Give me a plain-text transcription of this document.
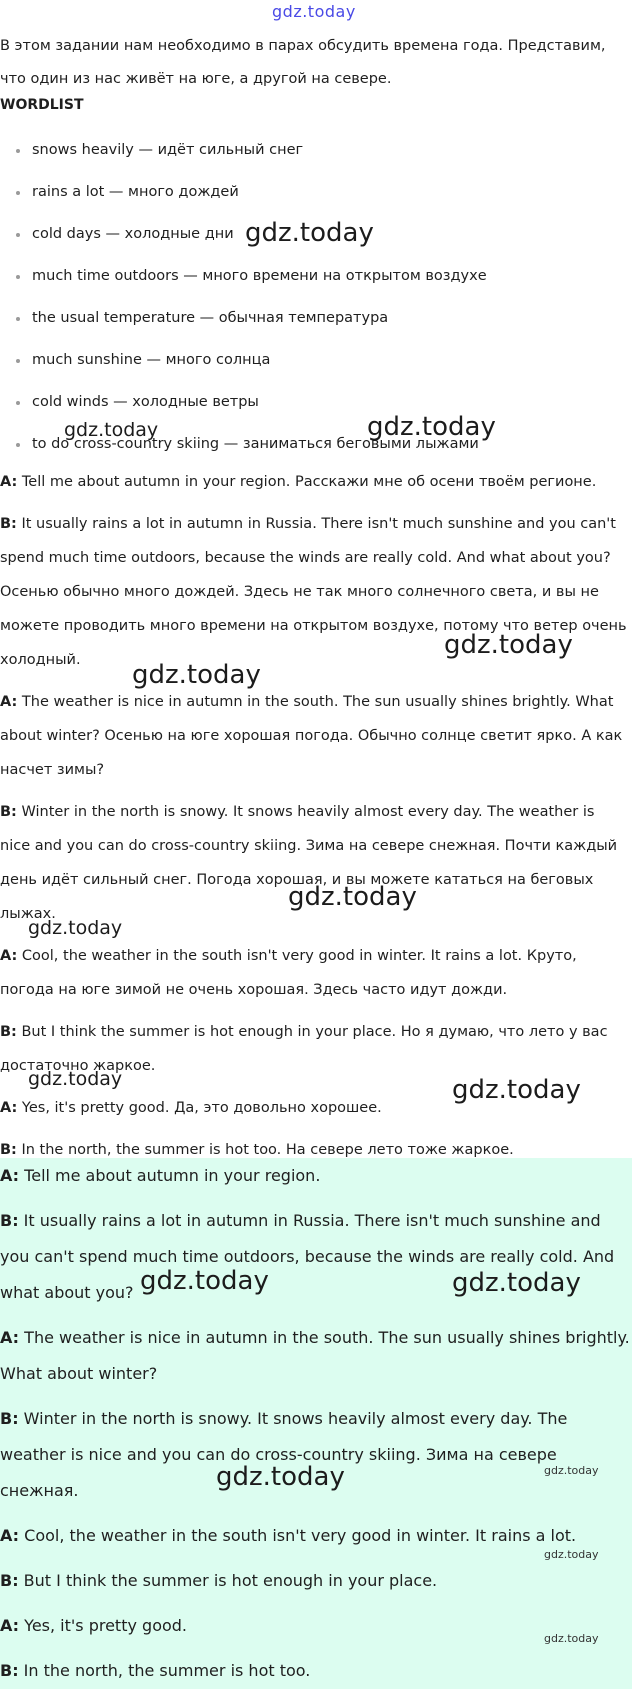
gdz.today
В этом задании нам необходимо в парах обсудить времена года. Представим, что один из нас живёт на юге, а другой на севере.
WORDLIST
snows heavily — идёт сильный снег
rains a lot — много дождей
cold days — холодные дни
much time outdoors — много времени на открытом воздухе
the usual temperature — обычная температура
much sunshine — много солнца
cold winds — холодные ветры
to do cross-country skiing — заниматься беговыми лыжами

A: Tell me about autumn in your region. Расскажи мне об осени твоём регионе.

B: It usually rains a lot in autumn in Russia. There isn't much sunshine and you can't spend much time outdoors, because the winds are really cold. And what about you? Осенью обычно много дождей. Здесь не так много солнечного света, и вы не можете проводить много времени на открытом воздухе, потому что ветер очень холодный.

A: The weather is nice in autumn in the south. The sun usually shines brightly. What about winter? Осенью на юге хорошая погода. Обычно солнце светит ярко. А как насчет зимы?

B: Winter in the north is snowy. It snows heavily almost every day. The weather is nice and you can do cross-country skiing. Зима на севере снежная. Почти каждый день идёт сильный снег. Погода хорошая, и вы можете кататься на беговых лыжах.

A: Cool, the weather in the south isn't very good in winter. It rains a lot. Круто, погода на юге зимой не очень хорошая. Здесь часто идут дожди.

B: But I think the summer is hot enough in your place. Но я думаю, что лето у вас достаточно жаркое.

A: Yes, it's pretty good. Да, это довольно хорошее.

B: In the north, the summer is hot too. На севере лето тоже жаркое.

A: Tell me about autumn in your region.

B: It usually rains a lot in autumn in Russia. There isn't much sunshine and you can't spend much time outdoors, because the winds are really cold. And what about you?

A: The weather is nice in autumn in the south. The sun usually shines brightly. What about winter?

B: Winter in the north is snowy. It snows heavily almost every day. The weather is nice and you can do cross-country skiing. Зима на севере снежная.

A: Cool, the weather in the south isn't very good in winter. It rains a lot.

B: But I think the summer is hot enough in your place.

A: Yes, it's pretty good.

B: In the north, the summer is hot too.

gdz.today
gdz.today
gdz.today
gdz.today
gdz.today
gdz.today
gdz.today
gdz.today	gdz.today
gdz.today	gdz.today
gdz.today	gdz.today
gdz.today
gdz.today
